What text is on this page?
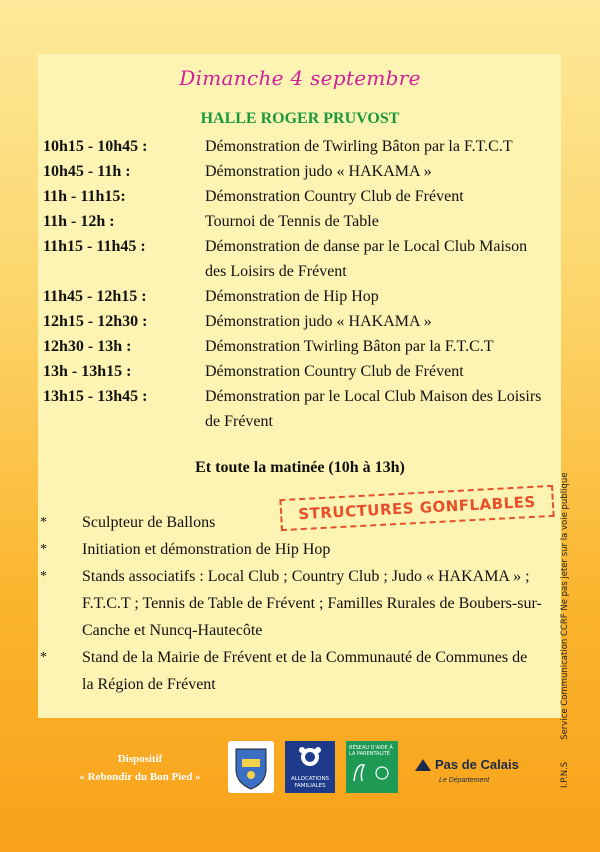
Dimanche 4 septembre
HALLE ROGER PRUVOST
10h15 - 10h45 :	Démonstration de Twirling Bâton par la F.T.C.T
10h45 - 11h :	Démonstration judo « HAKAMA »
11h - 11h15:	Démonstration Country Club de Frévent
11h - 12h :	Tournoi de Tennis de Table
11h15 - 11h45 :	Démonstration de danse par le Local Club Maison des Loisirs de Frévent
11h45 - 12h15 :	Démonstration de Hip Hop
12h15 - 12h30 :	Démonstration judo « HAKAMA »
12h30 - 13h :	Démonstration Twirling Bâton par la F.T.C.T
13h - 13h15 :	Démonstration Country Club de Frévent
13h15 - 13h45 :	Démonstration par le Local Club Maison des Loisirs de Frévent
Et toute la matinée (10h à 13h)
*	Sculpteur de Ballons
*	Initiation et démonstration de Hip Hop
*	Stands associatifs : Local Club ; Country Club ; Judo « HAKAMA » ; F.T.C.T ; Tennis de Table de Frévent ; Familles Rurales de Boubers-sur-Canche et Nuncq-Hautecôte
*	Stand de la Mairie de Frévent et de la Communauté de Communes de la Région de Frévent
STRUCTURES GONFLABLES
I.P.N.SService Communication CCRF Ne pas jeter sur la voie publique
Dispositif
« Rebondir du Bon Pied »	ALLOCATIONS FAMILIALES
RÉSEAU D'AIDE À LA PARENTALITÉ
Pas de Calais
Le Département
